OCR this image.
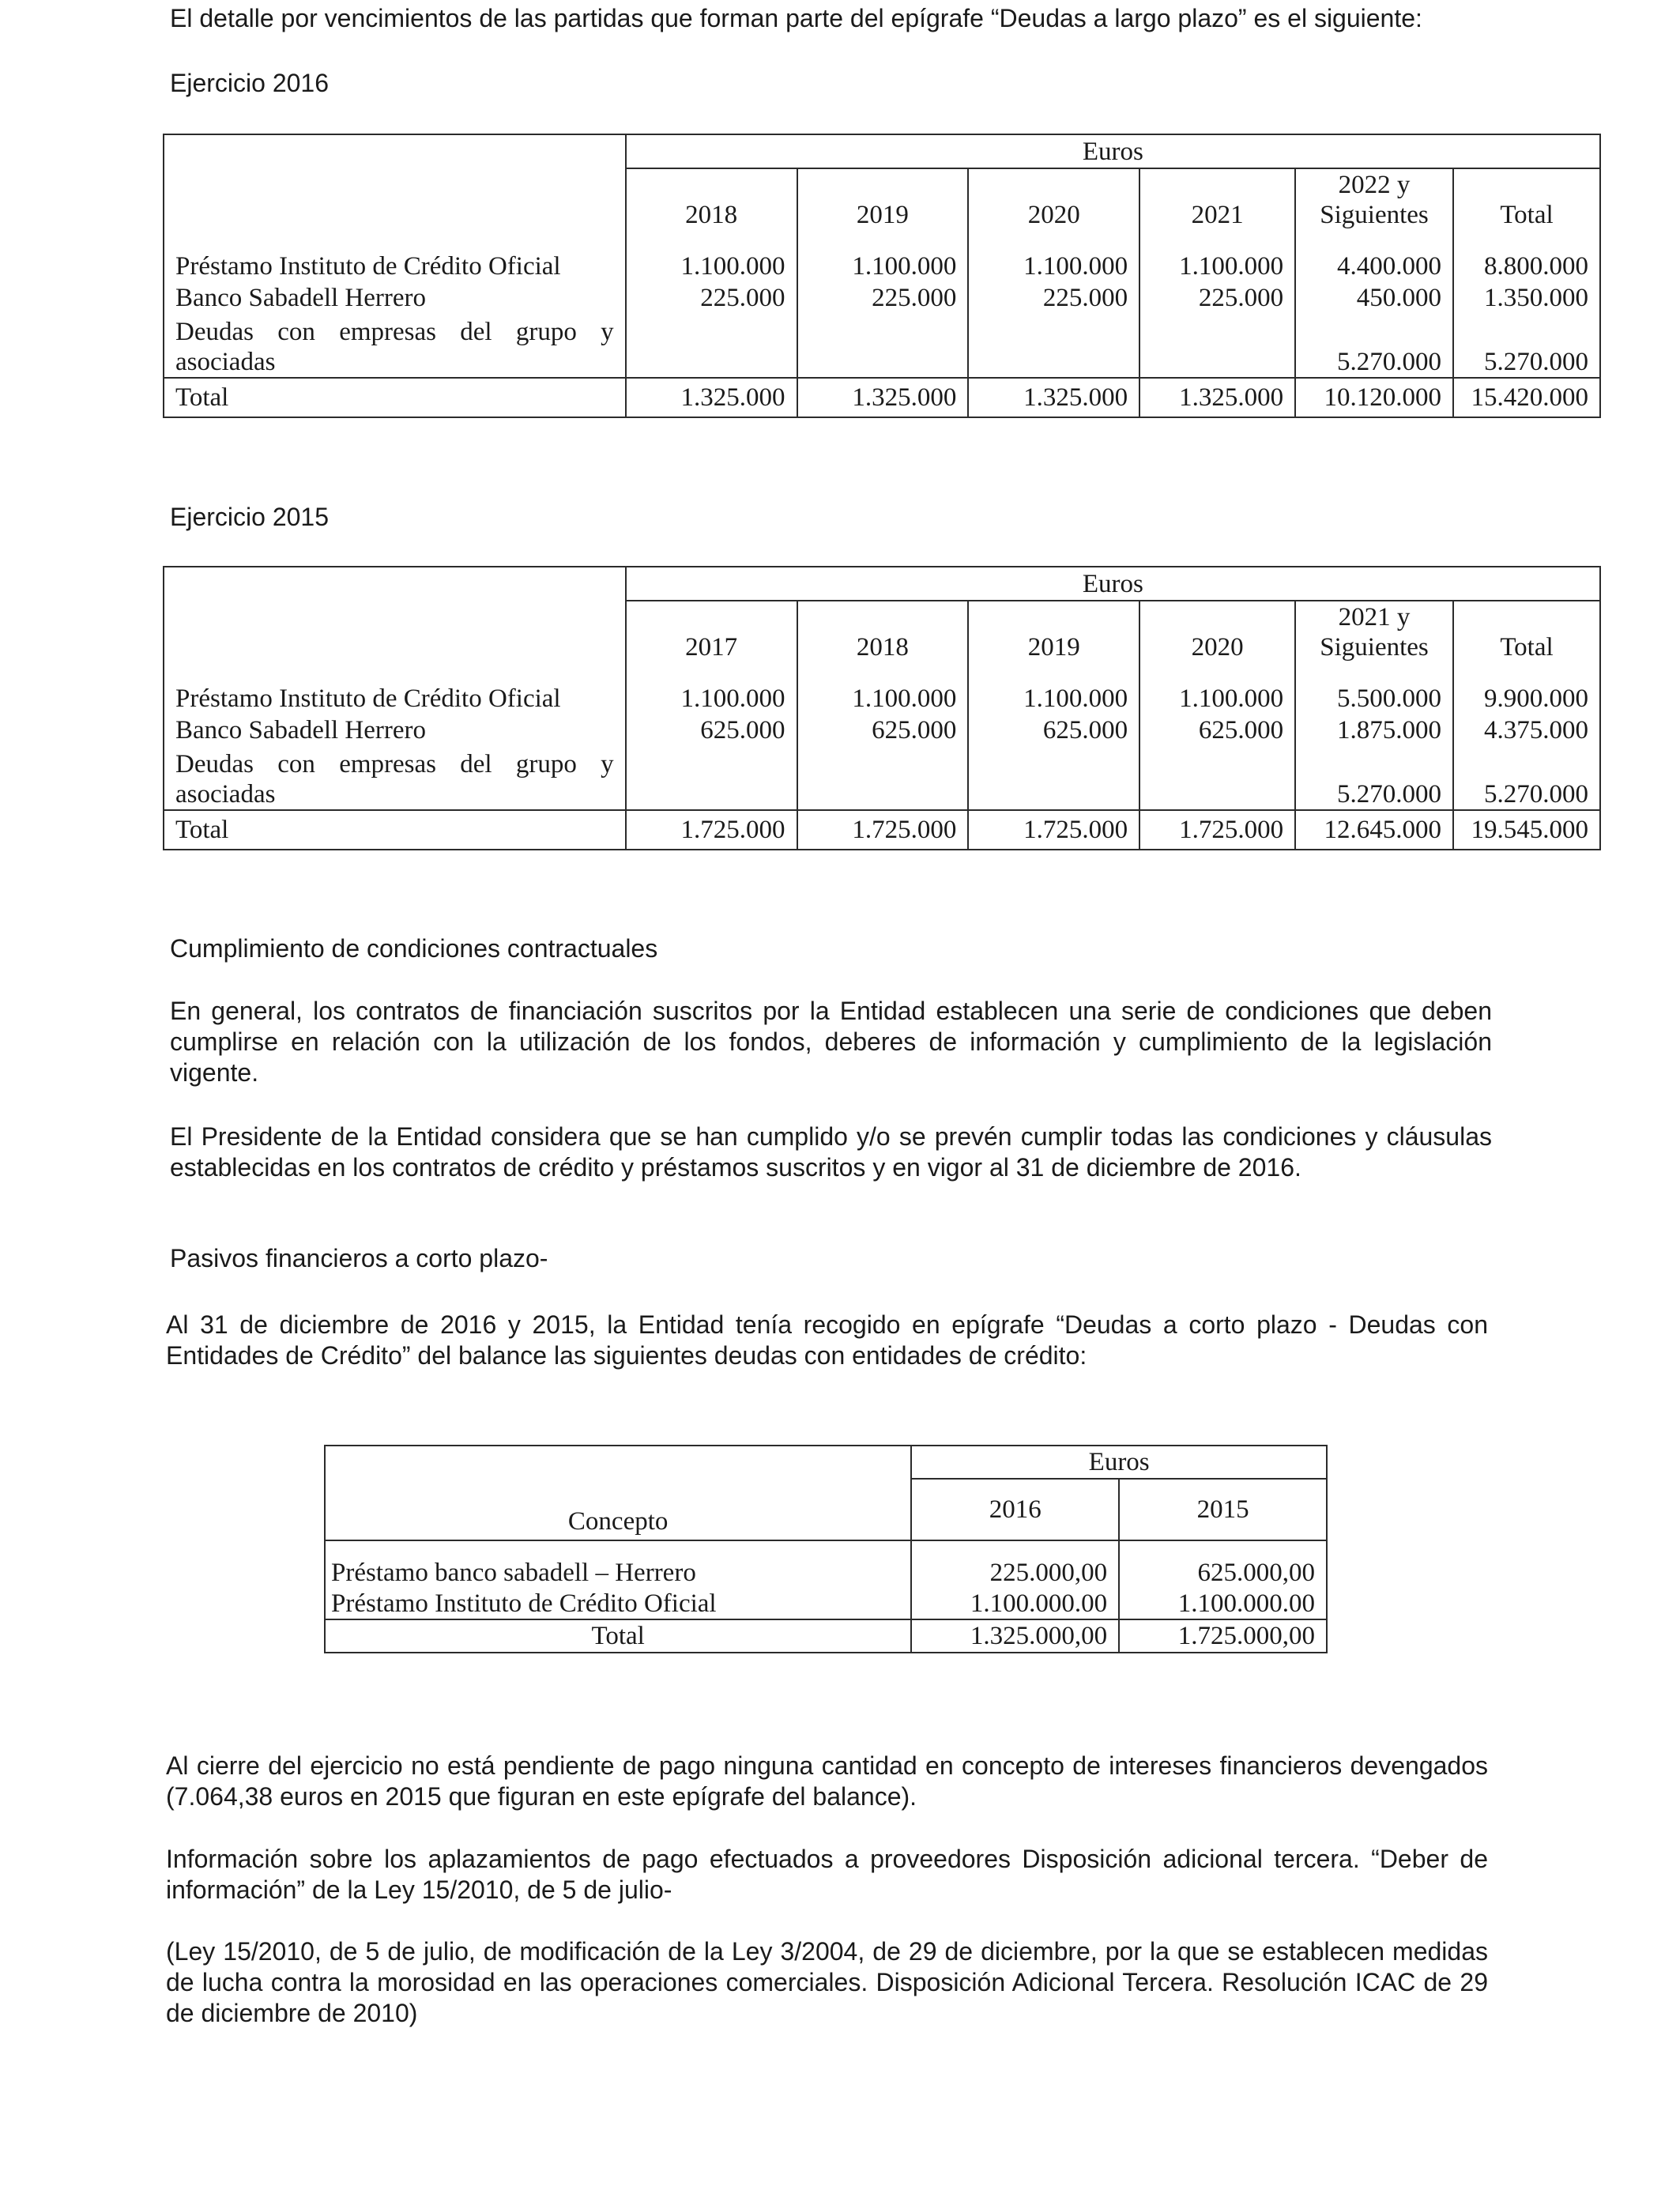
El detalle por vencimientos de las partidas que forman parte del epígrafe “Deudas a largo plazo” es el siguiente:
Ejercicio 2016
	Euros					
	2018	2019	2020	2021	2022 y
Siguientes	Total

Préstamo Instituto de Crédito Oficial	1.100.000	1.100.000	1.100.000	1.100.000	4.400.000	8.800.000
Banco Sabadell Herrero	225.000	225.000	225.000	225.000	450.000	1.350.000
Deudas con empresas del grupo y asociadas					5.270.000	5.270.000
Total	1.325.000	1.325.000	1.325.000	1.325.000	10.120.000	15.420.000
Ejercicio 2015
	Euros					
	2017	2018	2019	2020	2021 y
Siguientes	Total

Préstamo Instituto de Crédito Oficial	1.100.000	1.100.000	1.100.000	1.100.000	5.500.000	9.900.000
Banco Sabadell Herrero	625.000	625.000	625.000	625.000	1.875.000	4.375.000
Deudas con empresas del grupo y asociadas					5.270.000	5.270.000
Total	1.725.000	1.725.000	1.725.000	1.725.000	12.645.000	19.545.000
Cumplimiento de condiciones contractuales
En general, los contratos de financiación suscritos por la Entidad establecen una serie de condiciones que deben cumplirse en relación con la utilización de los fondos, deberes de información y cumplimiento de la legislación vigente.
El Presidente de la Entidad considera que se han cumplido y/o se prevén cumplir todas las condiciones y cláusulas establecidas en los contratos de crédito y préstamos suscritos y en vigor al 31 de diciembre de 2016.
Pasivos financieros a corto plazo-
Al 31 de diciembre de 2016 y 2015, la Entidad tenía recogido en epígrafe “Deudas a corto plazo - Deudas con Entidades de Crédito” del balance las siguientes deudas con entidades de crédito:
Concepto	Euros	
	2016	2015

Préstamo banco sabadell – Herrero	225.000,00	625.000,00
Préstamo Instituto de Crédito Oficial	1.100.000.00	1.100.000.00
Total	1.325.000,00	1.725.000,00
Al cierre del ejercicio no está pendiente de pago ninguna cantidad en concepto de intereses financieros devengados (7.064,38 euros en 2015 que figuran en este epígrafe del balance).
Información sobre los aplazamientos de pago efectuados a proveedores Disposición adicional tercera. “Deber de información” de la Ley 15/2010, de 5 de julio-
(Ley 15/2010, de 5 de julio, de modificación de la Ley 3/2004, de 29 de diciembre, por la que se establecen medidas de lucha contra la morosidad en las operaciones comerciales. Disposición Adicional Tercera. Resolución ICAC de 29 de diciembre de 2010)
